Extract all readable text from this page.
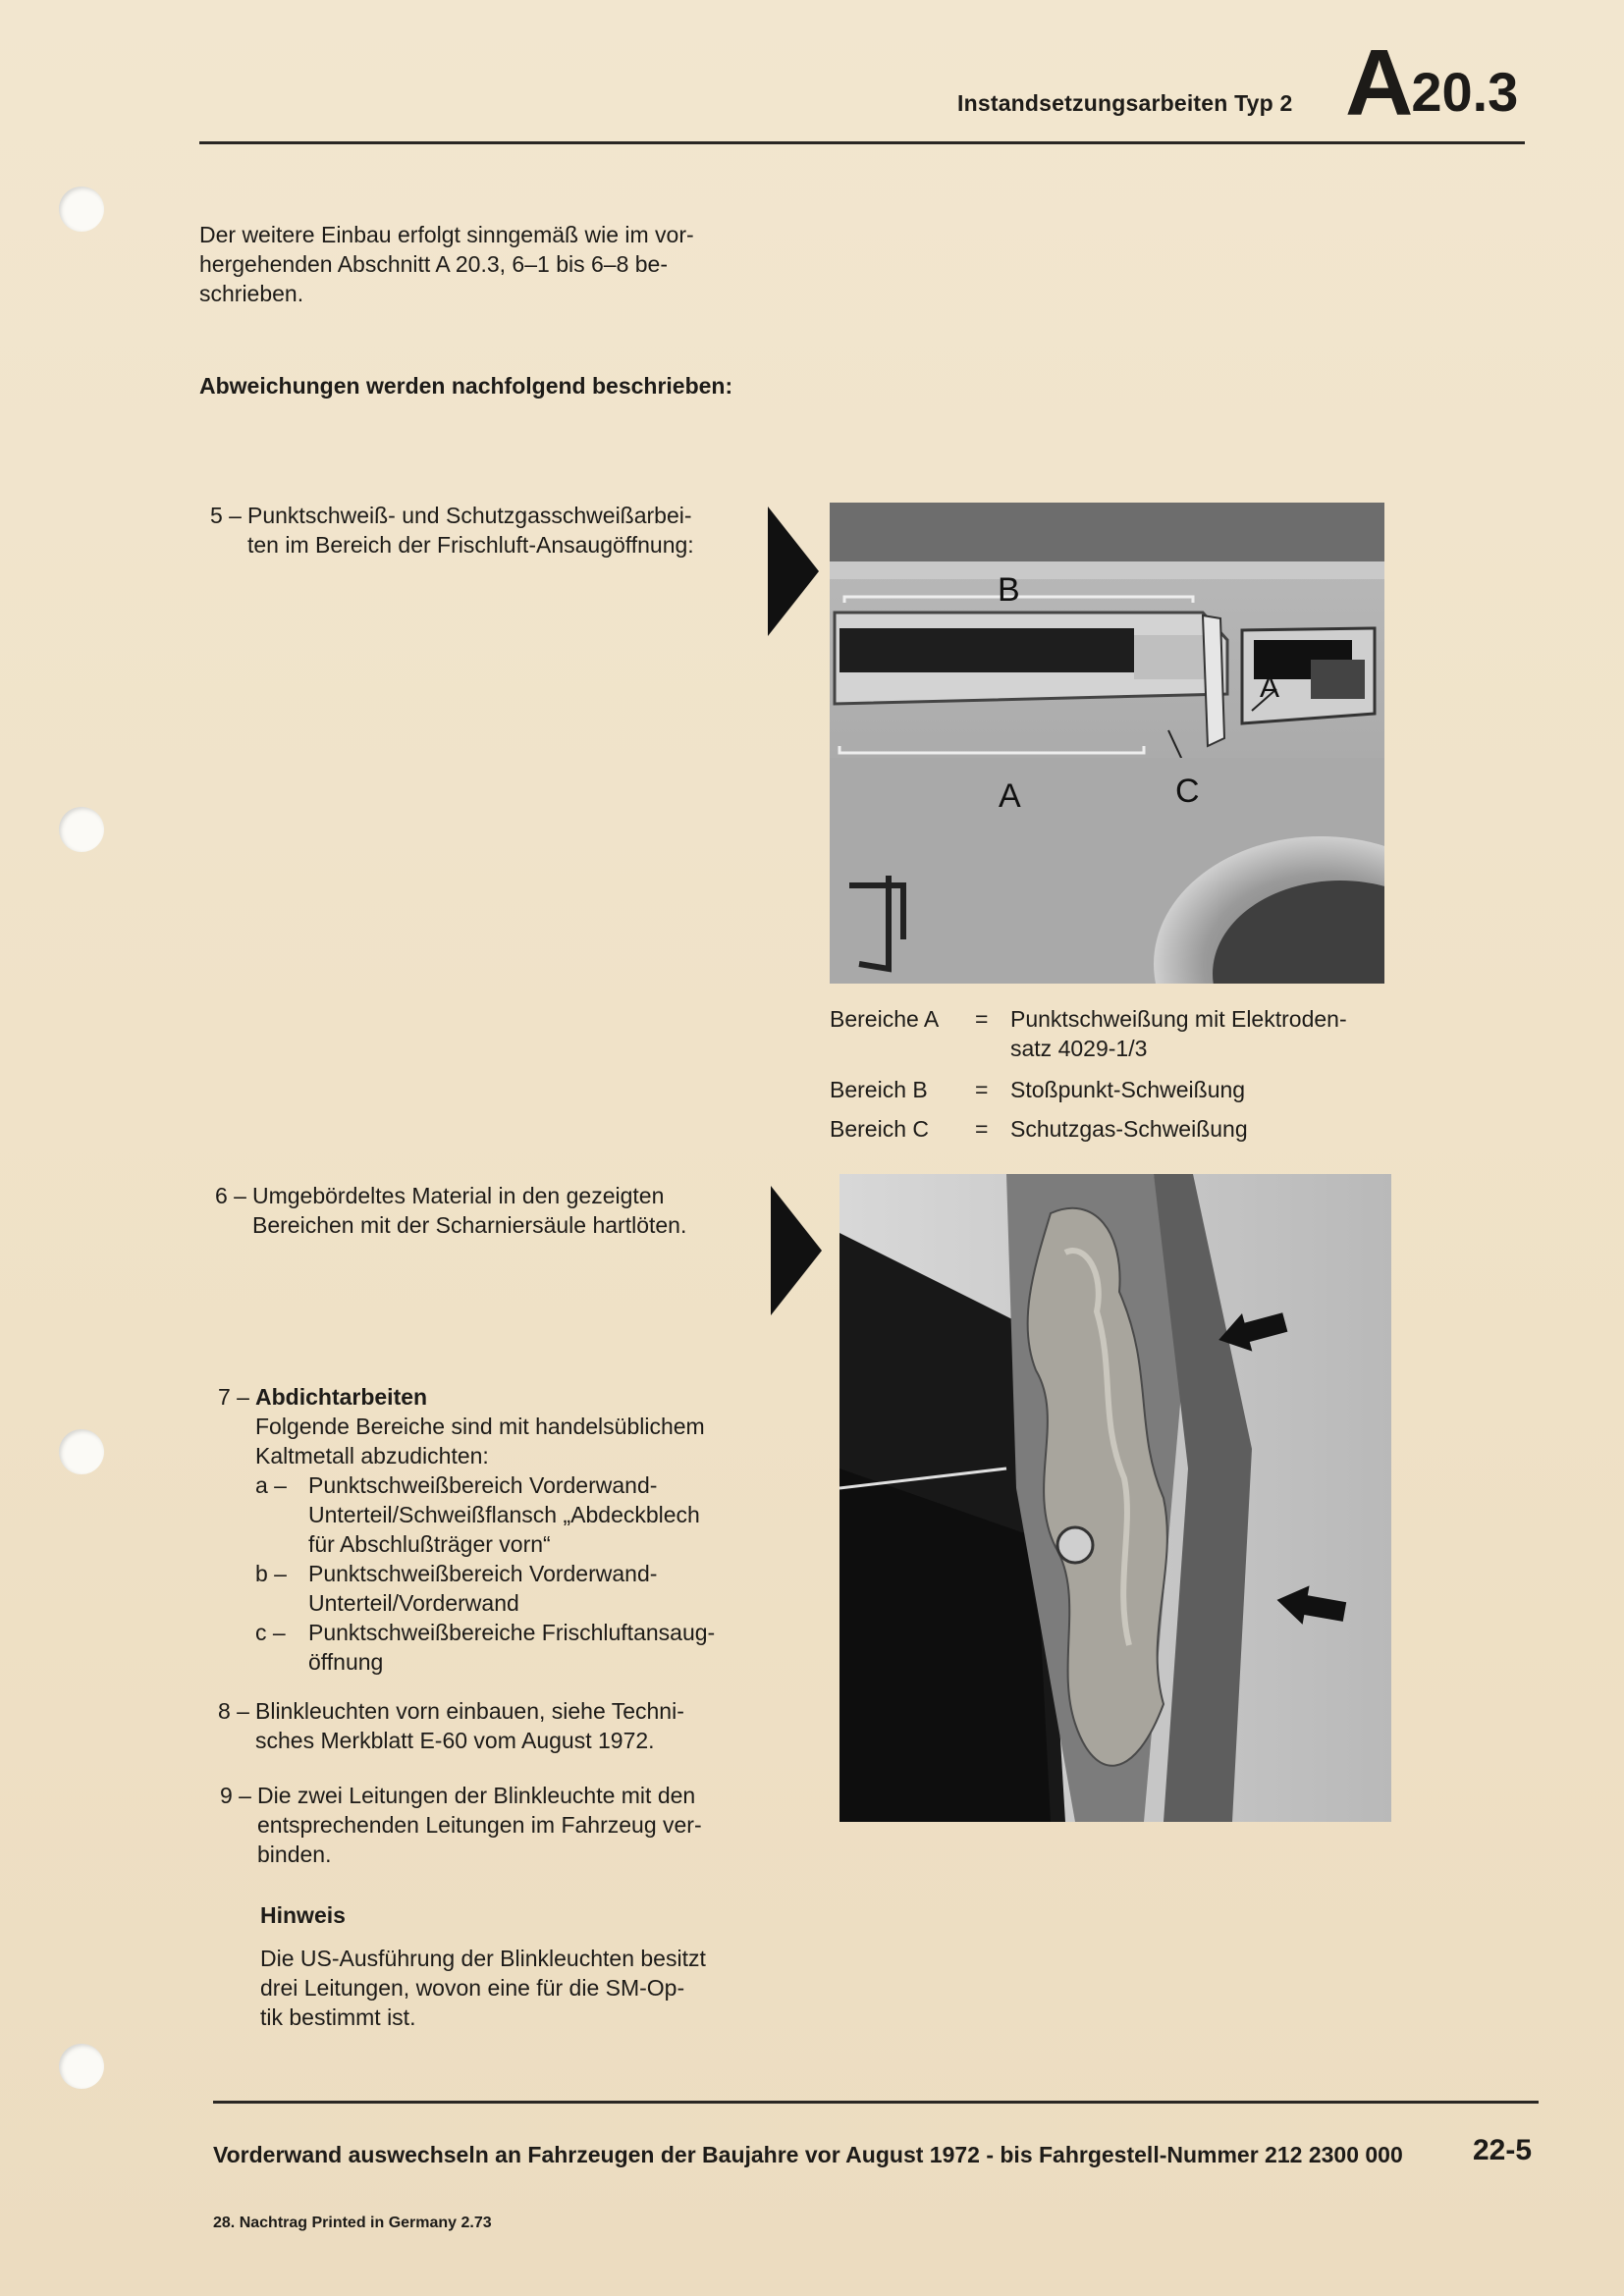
Instandsetzungsarbeiten Typ 2 A20.3
Der weitere Einbau erfolgt sinngemäß wie im vor-
hergehenden Abschnitt A 20.3, 6–1 bis 6–8 be-
schrieben.
Abweichungen werden nachfolgend beschrieben:
5 – Punktschweiß- und Schutzgasschweißarbei-
ten im Bereich der Frischluft-Ansaugöffnung:
B
A
A	C
Bereiche A	= Punktschweißung mit Elektroden-
satz 4029-1/3
Bereich B	= Stoßpunkt-Schweißung
Bereich C	= Schutzgas-Schweißung
6 – Umgebördeltes Material in den gezeigten
Bereichen mit der Scharniersäule hartlöten.
7 – Abdichtarbeiten
Folgende Bereiche sind mit handelsüblichem
Kaltmetall abzudichten:
a – Punktschweißbereich Vorderwand-
Unterteil/Schweißflansch „Abdeckblech
für Abschlußträger vorn“
b – Punktschweißbereich Vorderwand-
Unterteil/Vorderwand
c – Punktschweißbereiche Frischluftansaug-
öffnung
8 – Blinkleuchten vorn einbauen, siehe Techni-
sches Merkblatt E-60 vom August 1972.
9 – Die zwei Leitungen der Blinkleuchte mit den
entsprechenden Leitungen im Fahrzeug ver-
binden.
Hinweis
Die US-Ausführung der Blinkleuchten besitzt
drei Leitungen, wovon eine für die SM-Op-
tik bestimmt ist.
Vorderwand auswechseln an Fahrzeugen der Baujahre vor August 1972 - bis Fahrgestell-Nummer 212 2300 000 22-5
28. Nachtrag Printed in Germany 2.73
